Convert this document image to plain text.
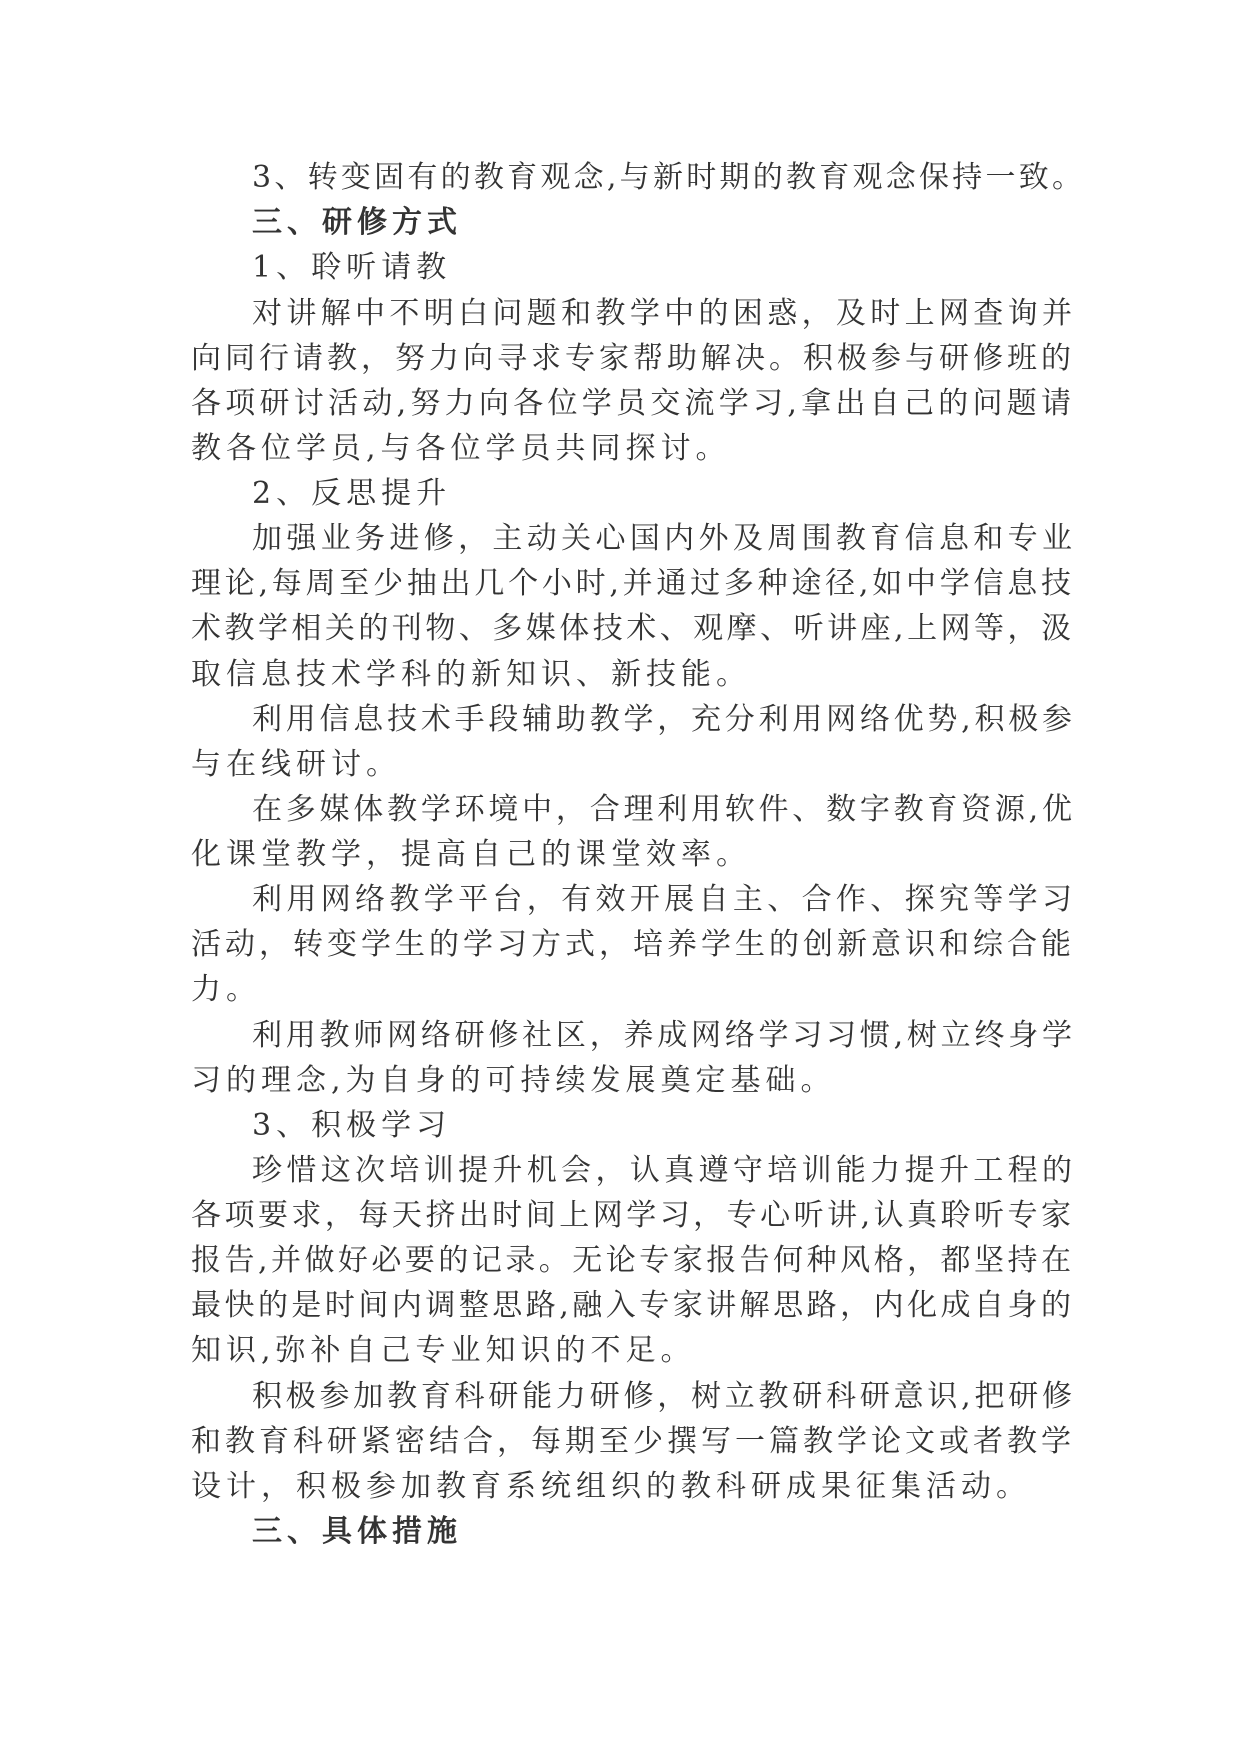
3、转变固有的教育观念,与新时期的教育观念保持一致。

三、研修方式

1、聆听请教

对讲解中不明白问题和教学中的困惑，及时上网查询并

向同行请教，努力向寻求专家帮助解决。积极参与研修班的

各项研讨活动,努力向各位学员交流学习,拿出自己的问题请

教各位学员,与各位学员共同探讨。

2、反思提升

加强业务进修，主动关心国内外及周围教育信息和专业

理论,每周至少抽出几个小时,并通过多种途径,如中学信息技

术教学相关的刊物、多媒体技术、观摩、听讲座,上网等，汲

取信息技术学科的新知识、新技能。

利用信息技术手段辅助教学，充分利用网络优势,积极参

与在线研讨。

在多媒体教学环境中，合理利用软件、数字教育资源,优

化课堂教学，提高自己的课堂效率。

利用网络教学平台，有效开展自主、合作、探究等学习

活动，转变学生的学习方式，培养学生的创新意识和综合能

力。

利用教师网络研修社区，养成网络学习习惯,树立终身学

习的理念,为自身的可持续发展奠定基础。

3、积极学习

珍惜这次培训提升机会，认真遵守培训能力提升工程的

各项要求，每天挤出时间上网学习，专心听讲,认真聆听专家

报告,并做好必要的记录。无论专家报告何种风格，都坚持在

最快的是时间内调整思路,融入专家讲解思路，内化成自身的

知识,弥补自己专业知识的不足。

积极参加教育科研能力研修，树立教研科研意识,把研修

和教育科研紧密结合，每期至少撰写一篇教学论文或者教学

设计，积极参加教育系统组织的教科研成果征集活动。

三、具体措施
